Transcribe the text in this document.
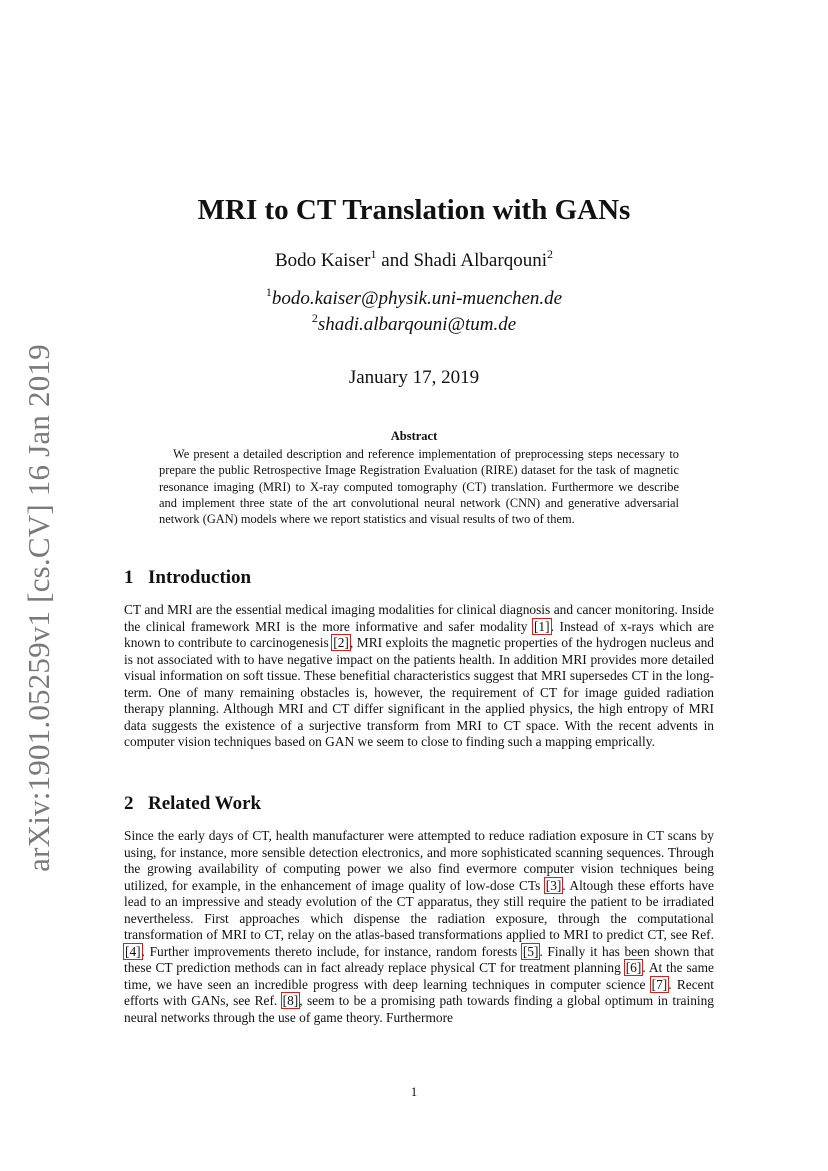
arXiv:1901.05259v1 [cs.CV] 16 Jan 2019
MRI to CT Translation with GANs
Bodo Kaiser$^1$ and Shadi Albarqouni$^2$
$^1$bodo.kaiser@physik.uni-muenchen.de
$^2$shadi.albarqouni@tum.de
January 17, 2019
Abstract

We present a detailed description and reference implementation of preprocessing steps necessary to prepare the public Retrospective Image Registration Evaluation (RIRE) dataset for the task of magnetic resonance imaging (MRI) to X-ray computed tomography (CT) translation. Furthermore we describe and implement three state of the art convolutional neural network (CNN) and generative adversarial network (GAN) models where we report statistics and visual results of two of them.

1 Introduction

CT and MRI are the essential medical imaging modalities for clinical diagnosis and cancer monitoring. Inside the clinical framework MRI is the more informative and safer modality [1]. Instead of x-rays which are known to contribute to carcinogenesis [2], MRI exploits the magnetic properties of the hydrogen nucleus and is not associated with to have negative impact on the patients health. In addition MRI provides more detailed visual information on soft tissue. These benefitial characteristics suggest that MRI supersedes CT in the long-term. One of many remaining obstacles is, however, the requirement of CT for image guided radiation therapy planning. Although MRI and CT differ significant in the applied physics, the high entropy of MRI data suggests the existence of a surjective transform from MRI to CT space. With the recent advents in computer vision techniques based on GAN we seem to close to finding such a mapping emprically.

2 Related Work

Since the early days of CT, health manufacturer were attempted to reduce radiation exposure in CT scans by using, for instance, more sensible detection electronics, and more sophisticated scanning sequences. Through the growing availability of computing power we also find evermore computer vision techniques being utilized, for example, in the enhancement of image quality of low-dose CTs [3]. Altough these efforts have lead to an impressive and steady evolution of the CT apparatus, they still require the patient to be irradiated nevertheless. First approaches which dispense the radiation exposure, through the computational transformation of MRI to CT, relay on the atlas-based transformations applied to MRI to predict CT, see Ref. [4]. Further improvements thereto include, for instance, random forests [5]. Finally it has been shown that these CT prediction methods can in fact already replace physical CT for treatment planning [6]. At the same time, we have seen an incredible progress with deep learning techniques in computer science [7]. Recent efforts with GANs, see Ref. [8], seem to be a promising path towards finding a global optimum in training neural networks through the use of game theory. Furthermore

1
